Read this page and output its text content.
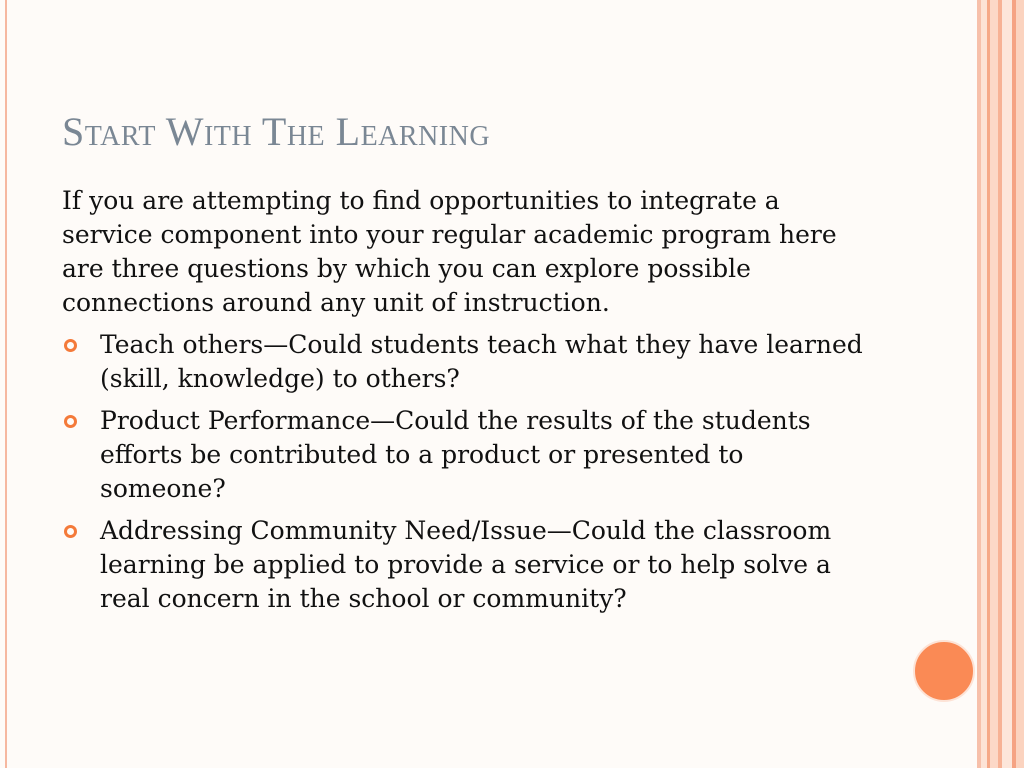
Start With The Learning

If you are attempting to find opportunities to integrate a service component into your regular academic program here are three questions by which you can explore possible connections around any unit of instruction.

Teach others—Could students teach what they have learned (skill, knowledge) to others?
Product Performance—Could the results of the students efforts be contributed to a product or presented to someone?
Addressing Community Need/Issue—Could the classroom learning be applied to provide a service or to help solve a real concern in the school or community?
